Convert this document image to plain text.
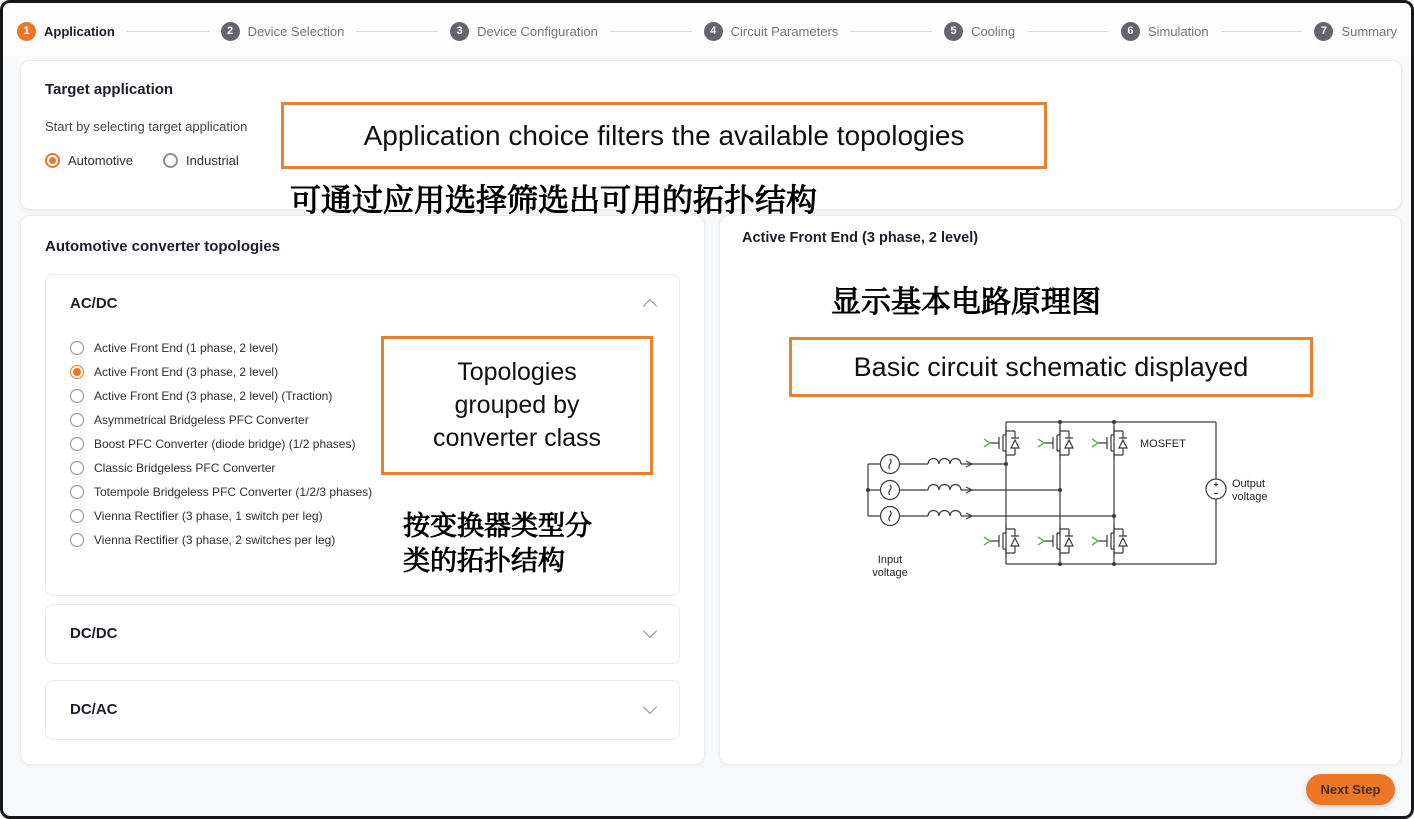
1	Application	2	Device Selection	3	Device Configuration	4	Circuit Parameters	5	Cooling	6	Simulation	7	Summary
Target application
Start by selecting target application
Automotive	Industrial
Automotive converter topologies
AC/DC
Active Front End (1 phase, 2 level)
Active Front End (3 phase, 2 level)
Active Front End (3 phase, 2 level) (Traction)
Asymmetrical Bridgeless PFC Converter
Boost PFC Converter (diode bridge) (1/2 phases)
Classic Bridgeless PFC Converter
Totempole Bridgeless PFC Converter (1/2/3 phases)
Vienna Rectifier (3 phase, 1 switch per leg)
Vienna Rectifier (3 phase, 2 switches per leg)
DC/DC
DC/AC
Active Front End (3 phase, 2 level)
MOSFET
Input
voltage
Output
voltage
Application choice filters the available topologies
可通过应用选择筛选出可用的拓扑结构
Topologies grouped by converter class
按变换器类型分类的拓扑结构
显示基本电路原理图
Basic circuit schematic displayed
Next Step
